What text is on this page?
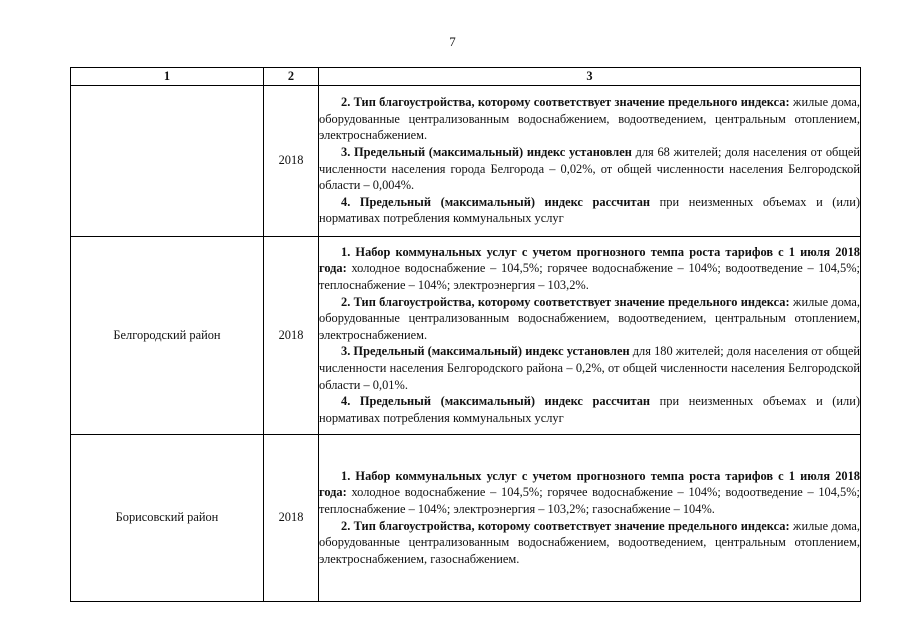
7
1	2	3
	2018	2. Тип благоустройства, которому соответствует значение предельного индекса: жилые дома, оборудованные централизованным водоснабжением, водоотведением, центральным отоплением, электроснабжением.

3. Предельный (максимальный) индекс установлен для 68 жителей; доля населения от общей численности населения города Белгорода – 0,02%, от общей численности населения Белгородской области – 0,004%.

4. Предельный (максимальный) индекс рассчитан при неизменных объемах и (или) нормативах потребления коммунальных услуг

Белгородский район	2018	1. Набор коммунальных услуг с учетом прогнозного темпа роста тарифов с 1 июля 2018 года: холодное водоснабжение – 104,5%; горячее водоснабжение – 104%; водоотведение – 104,5%; теплоснабжение – 104%; электроэнергия – 103,2%.

2. Тип благоустройства, которому соответствует значение предельного индекса: жилые дома, оборудованные централизованным водоснабжением, водоотведением, центральным отоплением, электроснабжением.

3. Предельный (максимальный) индекс установлен для 180 жителей; доля населения от общей численности населения Белгородского района – 0,2%, от общей численности населения Белгородской области – 0,01%.

4. Предельный (максимальный) индекс рассчитан при неизменных объемах и (или) нормативах потребления коммунальных услуг

Борисовский район	2018	1. Набор коммунальных услуг с учетом прогнозного темпа роста тарифов с 1 июля 2018 года: холодное водоснабжение – 104,5%; горячее водоснабжение – 104%; водоотведение – 104,5%; теплоснабжение – 104%; электроэнергия – 103,2%; газоснабжение – 104%.

2. Тип благоустройства, которому соответствует значение предельного индекса: жилые дома, оборудованные централизованным водоснабжением, водоотведением, центральным отоплением, электроснабжением, газоснабжением.
